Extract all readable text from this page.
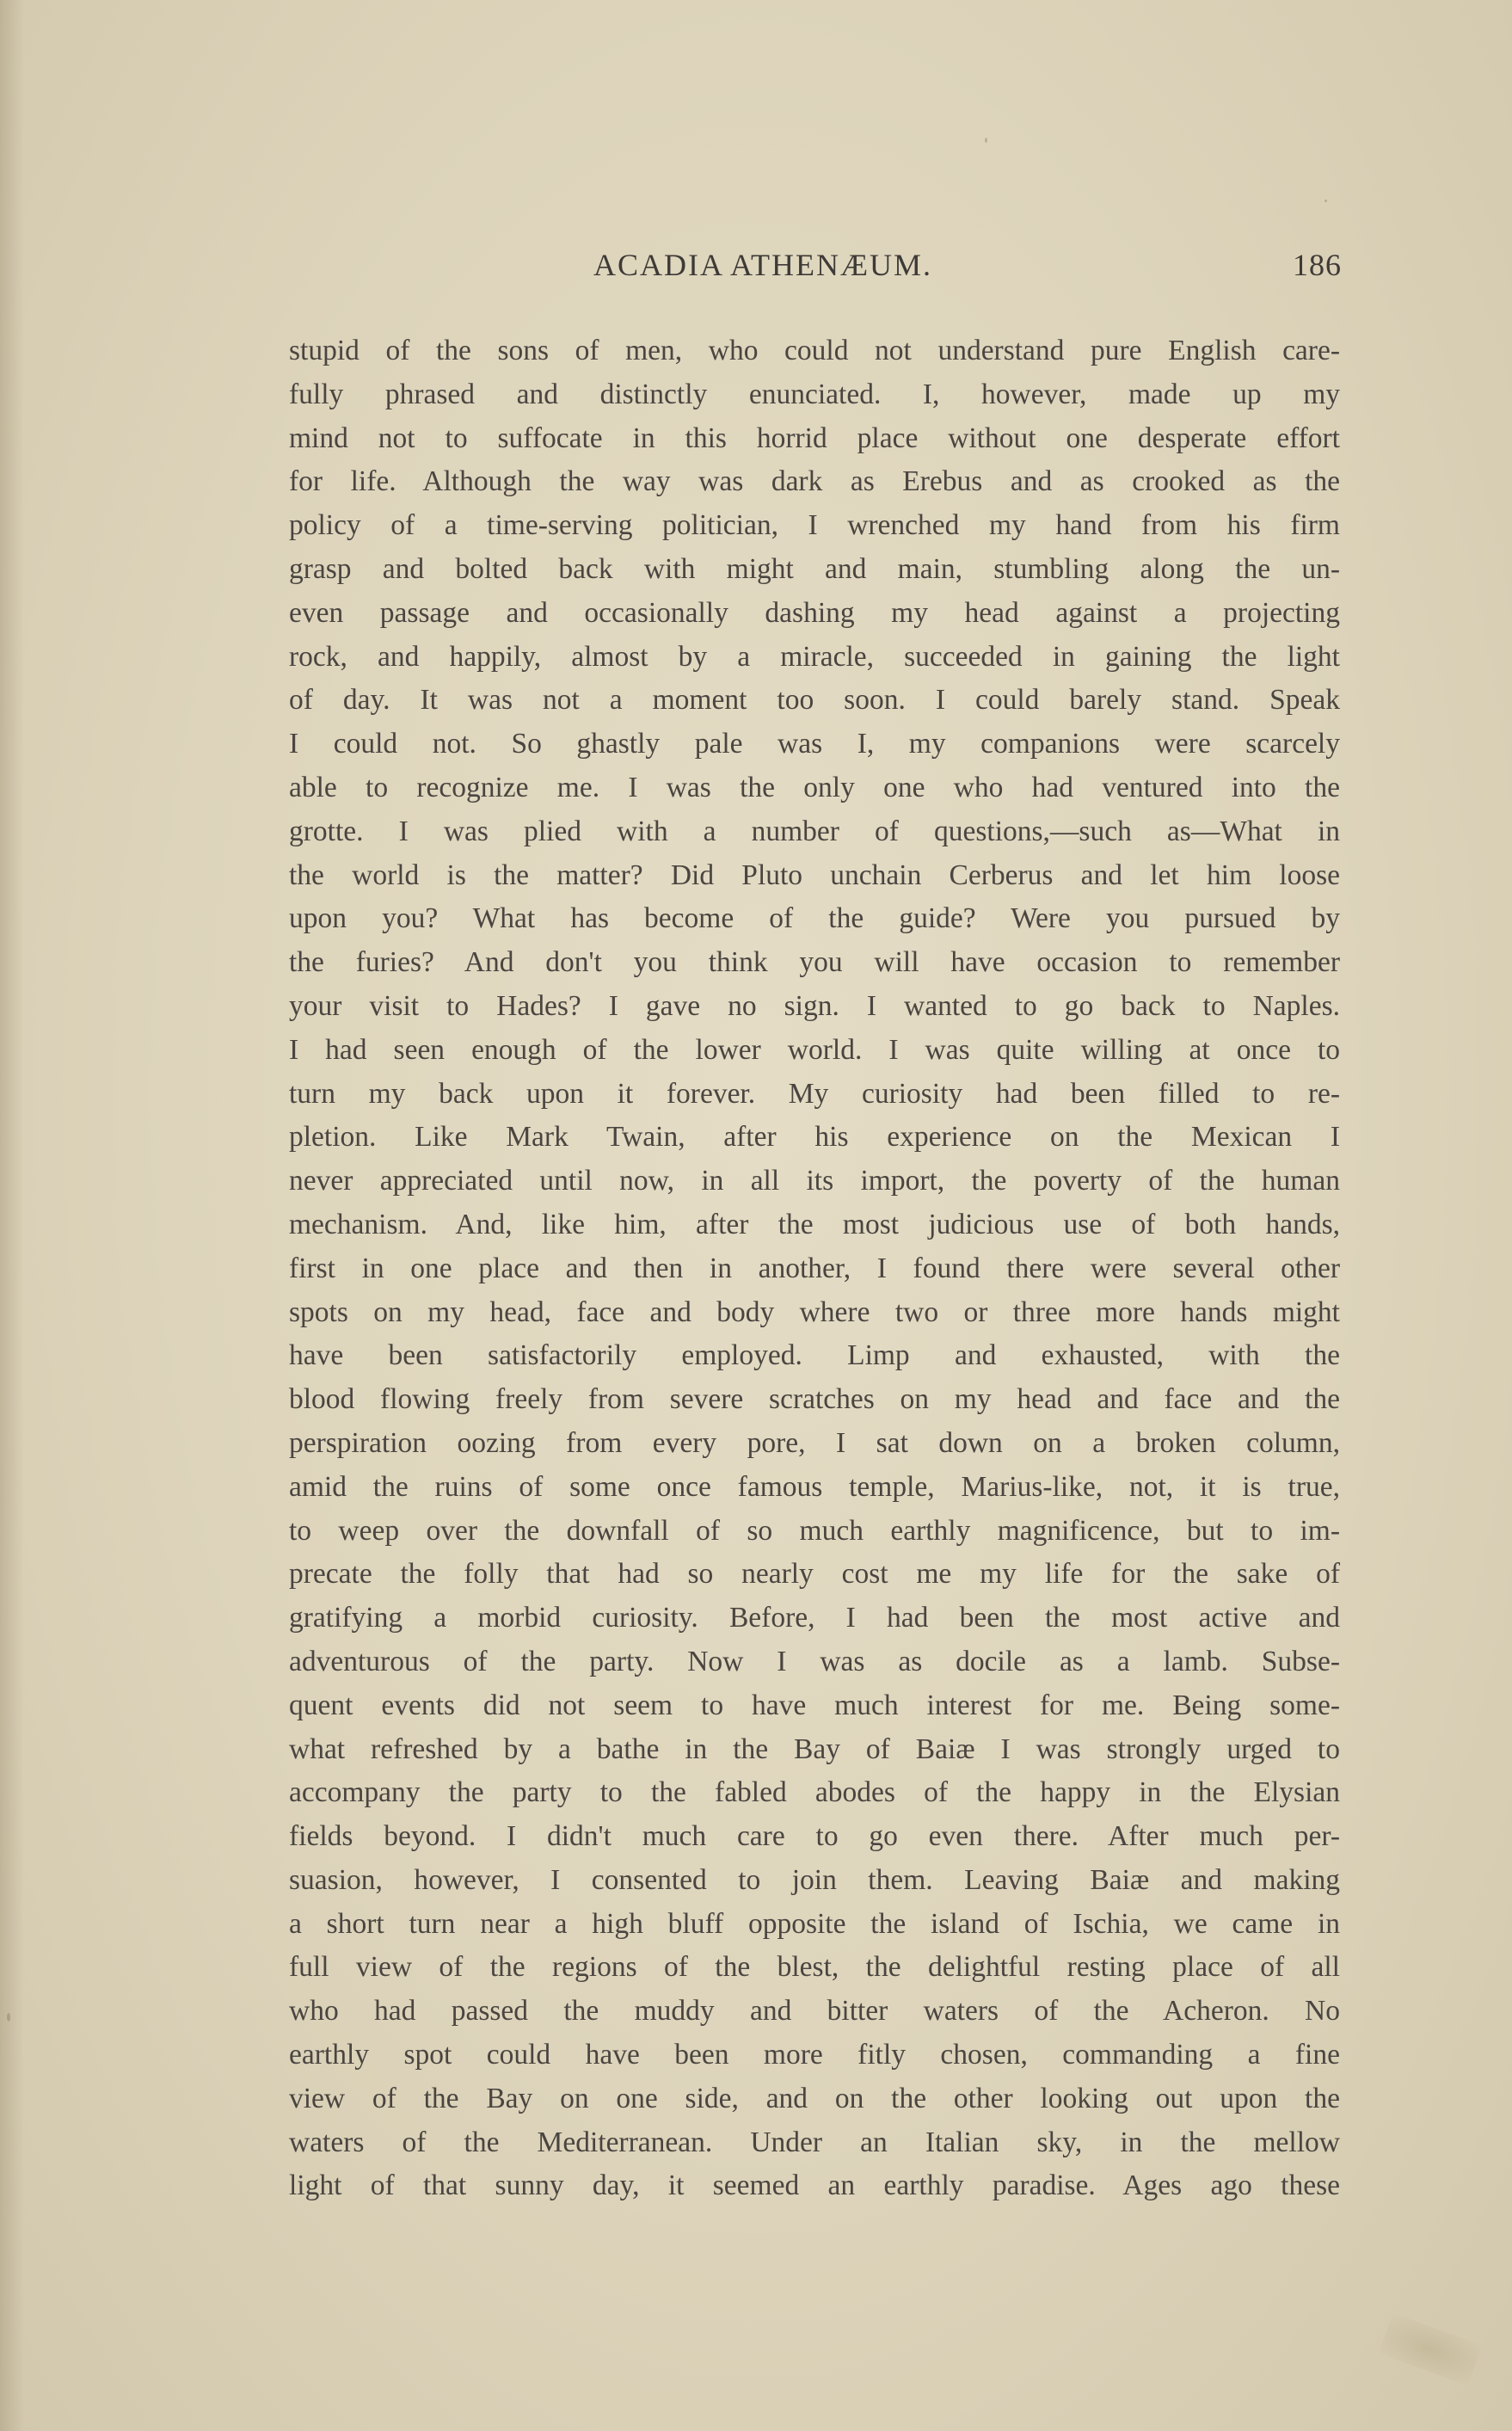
ACADIA ATHENÆUM.	186
stupid of the sons of men, who could not understand pure English care-
fully phrased and distinctly enunciated. I, however, made up my
mind not to suffocate in this horrid place without one desperate effort
for life. Although the way was dark as Erebus and as crooked as the
policy of a time-serving politician, I wrenched my hand from his firm
grasp and bolted back with might and main, stumbling along the un-
even passage and occasionally dashing my head against a projecting
rock, and happily, almost by a miracle, succeeded in gaining the light
of day. It was not a moment too soon. I could barely stand. Speak
I could not. So ghastly pale was I, my companions were scarcely
able to recognize me. I was the only one who had ventured into the
grotte. I was plied with a number of questions,—such as—What in
the world is the matter? Did Pluto unchain Cerberus and let him loose
upon you? What has become of the guide? Were you pursued by
the furies? And don't you think you will have occasion to remember
your visit to Hades? I gave no sign. I wanted to go back to Naples.
I had seen enough of the lower world. I was quite willing at once to
turn my back upon it forever. My curiosity had been filled to re-
pletion. Like Mark Twain, after his experience on the Mexican I
never appreciated until now, in all its import, the poverty of the human
mechanism. And, like him, after the most judicious use of both hands,
first in one place and then in another, I found there were several other
spots on my head, face and body where two or three more hands might
have been satisfactorily employed. Limp and exhausted, with the
blood flowing freely from severe scratches on my head and face and the
perspiration oozing from every pore, I sat down on a broken column,
amid the ruins of some once famous temple, Marius-like, not, it is true,
to weep over the downfall of so much earthly magnificence, but to im-
precate the folly that had so nearly cost me my life for the sake of
gratifying a morbid curiosity. Before, I had been the most active and
adventurous of the party. Now I was as docile as a lamb. Subse-
quent events did not seem to have much interest for me. Being some-
what refreshed by a bathe in the Bay of Baiæ I was strongly urged to
accompany the party to the fabled abodes of the happy in the Elysian
fields beyond. I didn't much care to go even there. After much per-
suasion, however, I consented to join them. Leaving Baiæ and making
a short turn near a high bluff opposite the island of Ischia, we came in
full view of the regions of the blest, the delightful resting place of all
who had passed the muddy and bitter waters of the Acheron. No
earthly spot could have been more fitly chosen, commanding a fine
view of the Bay on one side, and on the other looking out upon the
waters of the Mediterranean. Under an Italian sky, in the mellow
light of that sunny day, it seemed an earthly paradise. Ages ago these
